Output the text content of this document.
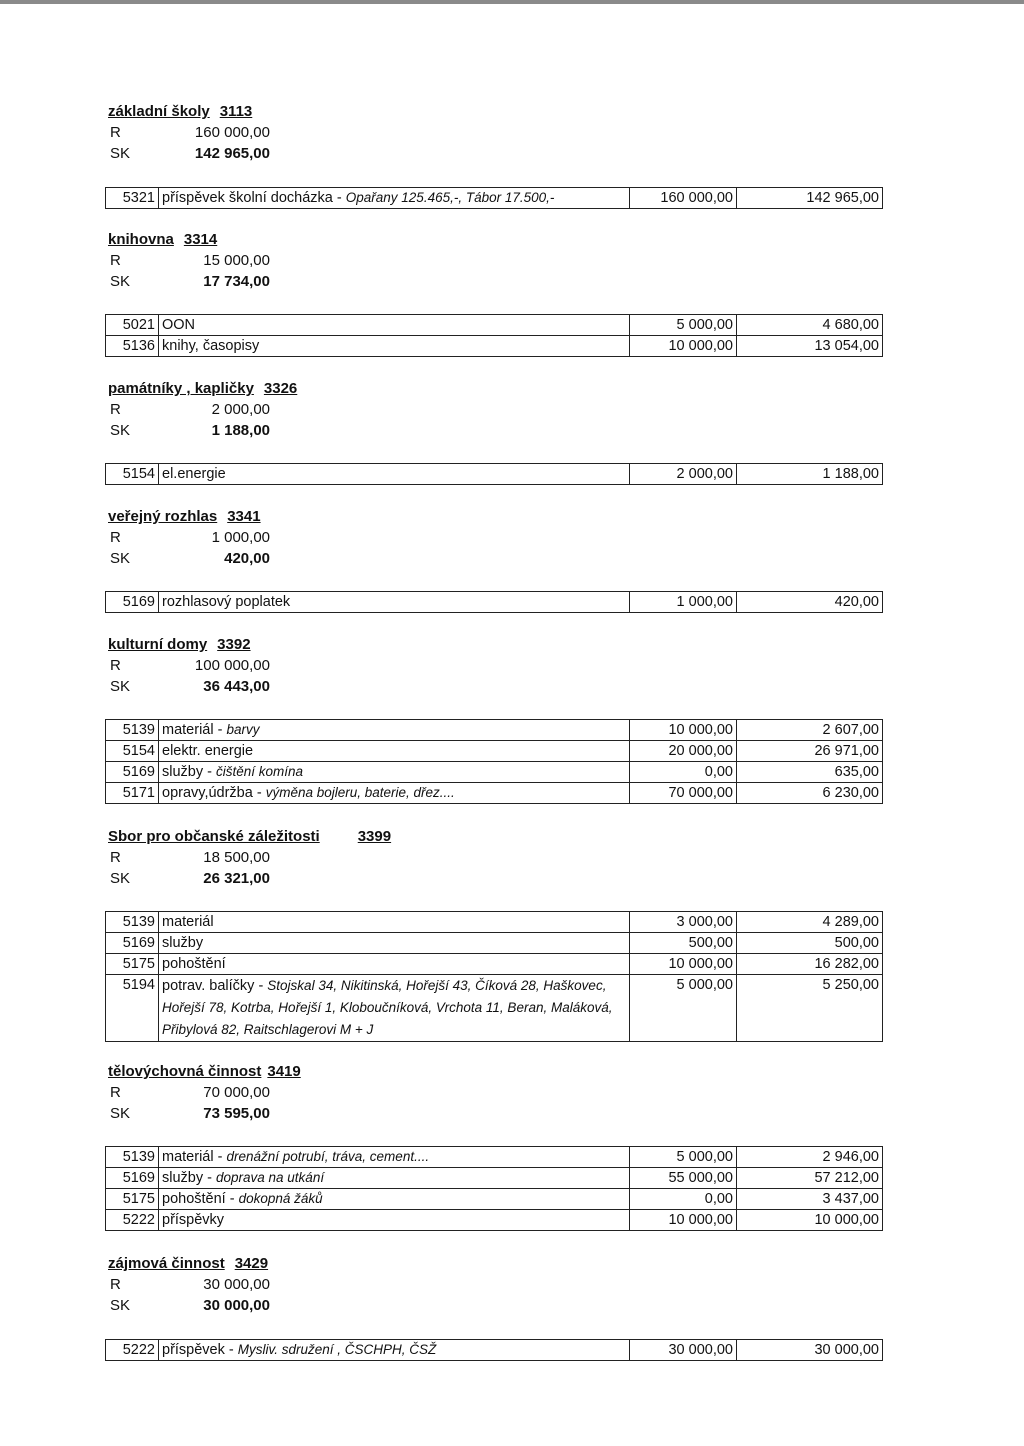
základní školy 3113
R	160 000,00
SK	142 965,00
5321	příspěvek školní docházka - Opařany 125.465,-, Tábor 17.500,-	160 000,00	142 965,00
knihovna 3314
R	15 000,00
SK	17 734,00
5021	OON	5 000,00	4 680,00
5136	knihy, časopisy	10 000,00	13 054,00
památníky , kapličky 3326
R	2 000,00
SK	1 188,00
5154	el.energie	2 000,00	1 188,00
veřejný rozhlas 3341
R	1 000,00
SK	420,00
5169	rozhlasový poplatek	1 000,00	420,00
kulturní domy 3392
R	100 000,00
SK	36 443,00
5139	materiál - barvy	10 000,00	2 607,00
5154	elektr. energie	20 000,00	26 971,00
5169	služby - čištění komína	0,00	635,00
5171	opravy,údržba - výměna bojleru, baterie, dřez....	70 000,00	6 230,00
Sbor pro občanské záležitosti	3399
R	18 500,00
SK	26 321,00
5139	materiál	3 000,00	4 289,00
5169	služby	500,00	500,00
5175	pohoštění	10 000,00	16 282,00
5194	potrav. balíčky - Stojskal 34, Nikitinská, Hořejší 43, Číková 28, Haškovec, Hořejší 78, Kotrba, Hořejší 1, Kloboučníková, Vrchota 11, Beran, Maláková, Přibylová 82, Raitschlagerovi M + J	5 000,00	5 250,00
tělovýchovná činnost 3419
R	70 000,00
SK	73 595,00
5139	materiál - drenážní potrubí, tráva, cement....	5 000,00	2 946,00
5169	služby - doprava na utkání	55 000,00	57 212,00
5175	pohoštění - dokopná žáků	0,00	3 437,00
5222	příspěvky	10 000,00	10 000,00
zájmová činnost 3429
R	30 000,00
SK	30 000,00
5222	příspěvek - Mysliv. sdružení , ČSCHPH, ČSŽ	30 000,00	30 000,00
